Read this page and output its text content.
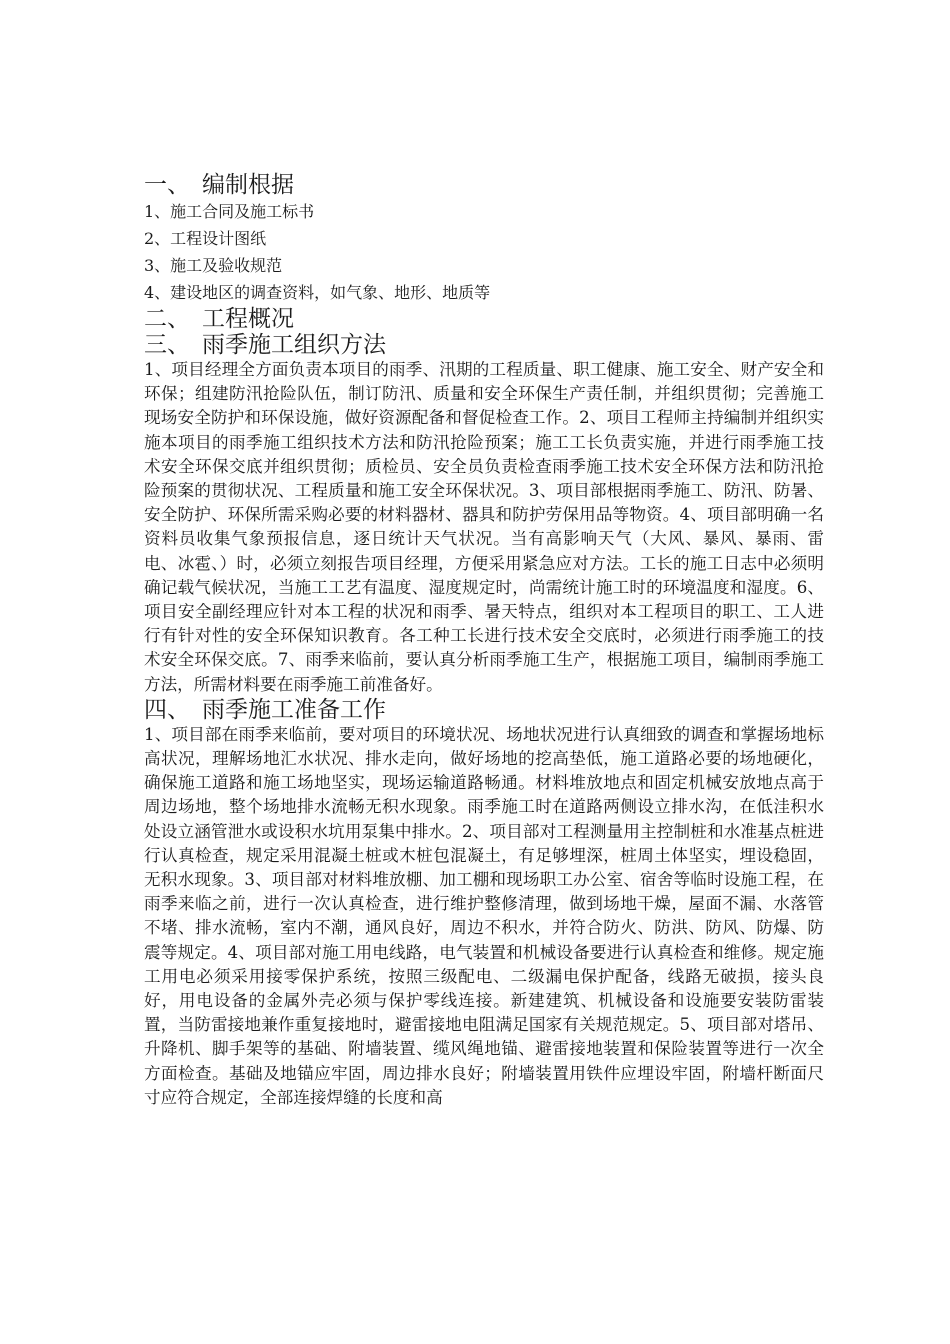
一、 编制根据

1、施工合同及施工标书

2、工程设计图纸

3、施工及验收规范

4、建设地区的调查资料，如气象、地形、地质等

二、 工程概况
三、 雨季施工组织方法

1、项目经理全方面负责本项目的雨季、汛期的工程质量、职工健康、施工安全、财产安全和环保；组建防汛抢险队伍，制订防汛、质量和安全环保生产责任制，并组织贯彻；完善施工现场安全防护和环保设施，做好资源配备和督促检查工作。2、项目工程师主持编制并组织实施本项目的雨季施工组织技术方法和防汛抢险预案；施工工长负责实施，并进行雨季施工技术安全环保交底并组织贯彻；质检员、安全员负责检查雨季施工技术安全环保方法和防汛抢险预案的贯彻状况、工程质量和施工安全环保状况。3、项目部根据雨季施工、防汛、防暑、安全防护、环保所需采购必要的材料器材、器具和防护劳保用品等物资。4、项目部明确一名资料员收集气象预报信息，逐日统计天气状况。当有高影响天气（大风、暴风、暴雨、雷电、冰雹、）时，必须立刻报告项目经理，方便采用紧急应对方法。工长的施工日志中必须明确记载气候状况，当施工工艺有温度、湿度规定时，尚需统计施工时的环境温度和湿度。6、项目安全副经理应针对本工程的状况和雨季、暑天特点，组织对本工程项目的职工、工人进行有针对性的安全环保知识教育。各工种工长进行技术安全交底时，必须进行雨季施工的技术安全环保交底。7、雨季来临前，要认真分析雨季施工生产，根据施工项目，编制雨季施工方法，所需材料要在雨季施工前准备好。

四、 雨季施工准备工作

1、项目部在雨季来临前，要对项目的环境状况、场地状况进行认真细致的调查和掌握场地标高状况，理解场地汇水状况、排水走向，做好场地的挖高垫低，施工道路必要的场地硬化，确保施工道路和施工场地坚实，现场运输道路畅通。材料堆放地点和固定机械安放地点高于周边场地，整个场地排水流畅无积水现象。雨季施工时在道路两侧设立排水沟，在低洼积水处设立涵管泄水或设积水坑用泵集中排水。2、项目部对工程测量用主控制桩和水准基点桩进行认真检查，规定采用混凝土桩或木桩包混凝土，有足够埋深，桩周土体坚实，埋设稳固，无积水现象。3、项目部对材料堆放棚、加工棚和现场职工办公室、宿舍等临时设施工程，在雨季来临之前，进行一次认真检查，进行维护整修清理，做到场地干燥，屋面不漏、水落管不堵、排水流畅，室内不潮，通风良好，周边不积水，并符合防火、防洪、防风、防爆、防震等规定。4、项目部对施工用电线路，电气装置和机械设备要进行认真检查和维修。规定施工用电必须采用接零保护系统，按照三级配电、二级漏电保护配备，线路无破损，接头良好，用电设备的金属外壳必须与保护零线连接。新建建筑、机械设备和设施要安装防雷装置，当防雷接地兼作重复接地时，避雷接地电阻满足国家有关规范规定。5、项目部对塔吊、升降机、脚手架等的基础、附墙装置、缆风绳地锚、避雷接地装置和保险装置等进行一次全方面检查。基础及地锚应牢固，周边排水良好；附墙装置用铁件应埋设牢固，附墙杆断面尺寸应符合规定，全部连接焊缝的长度和高
